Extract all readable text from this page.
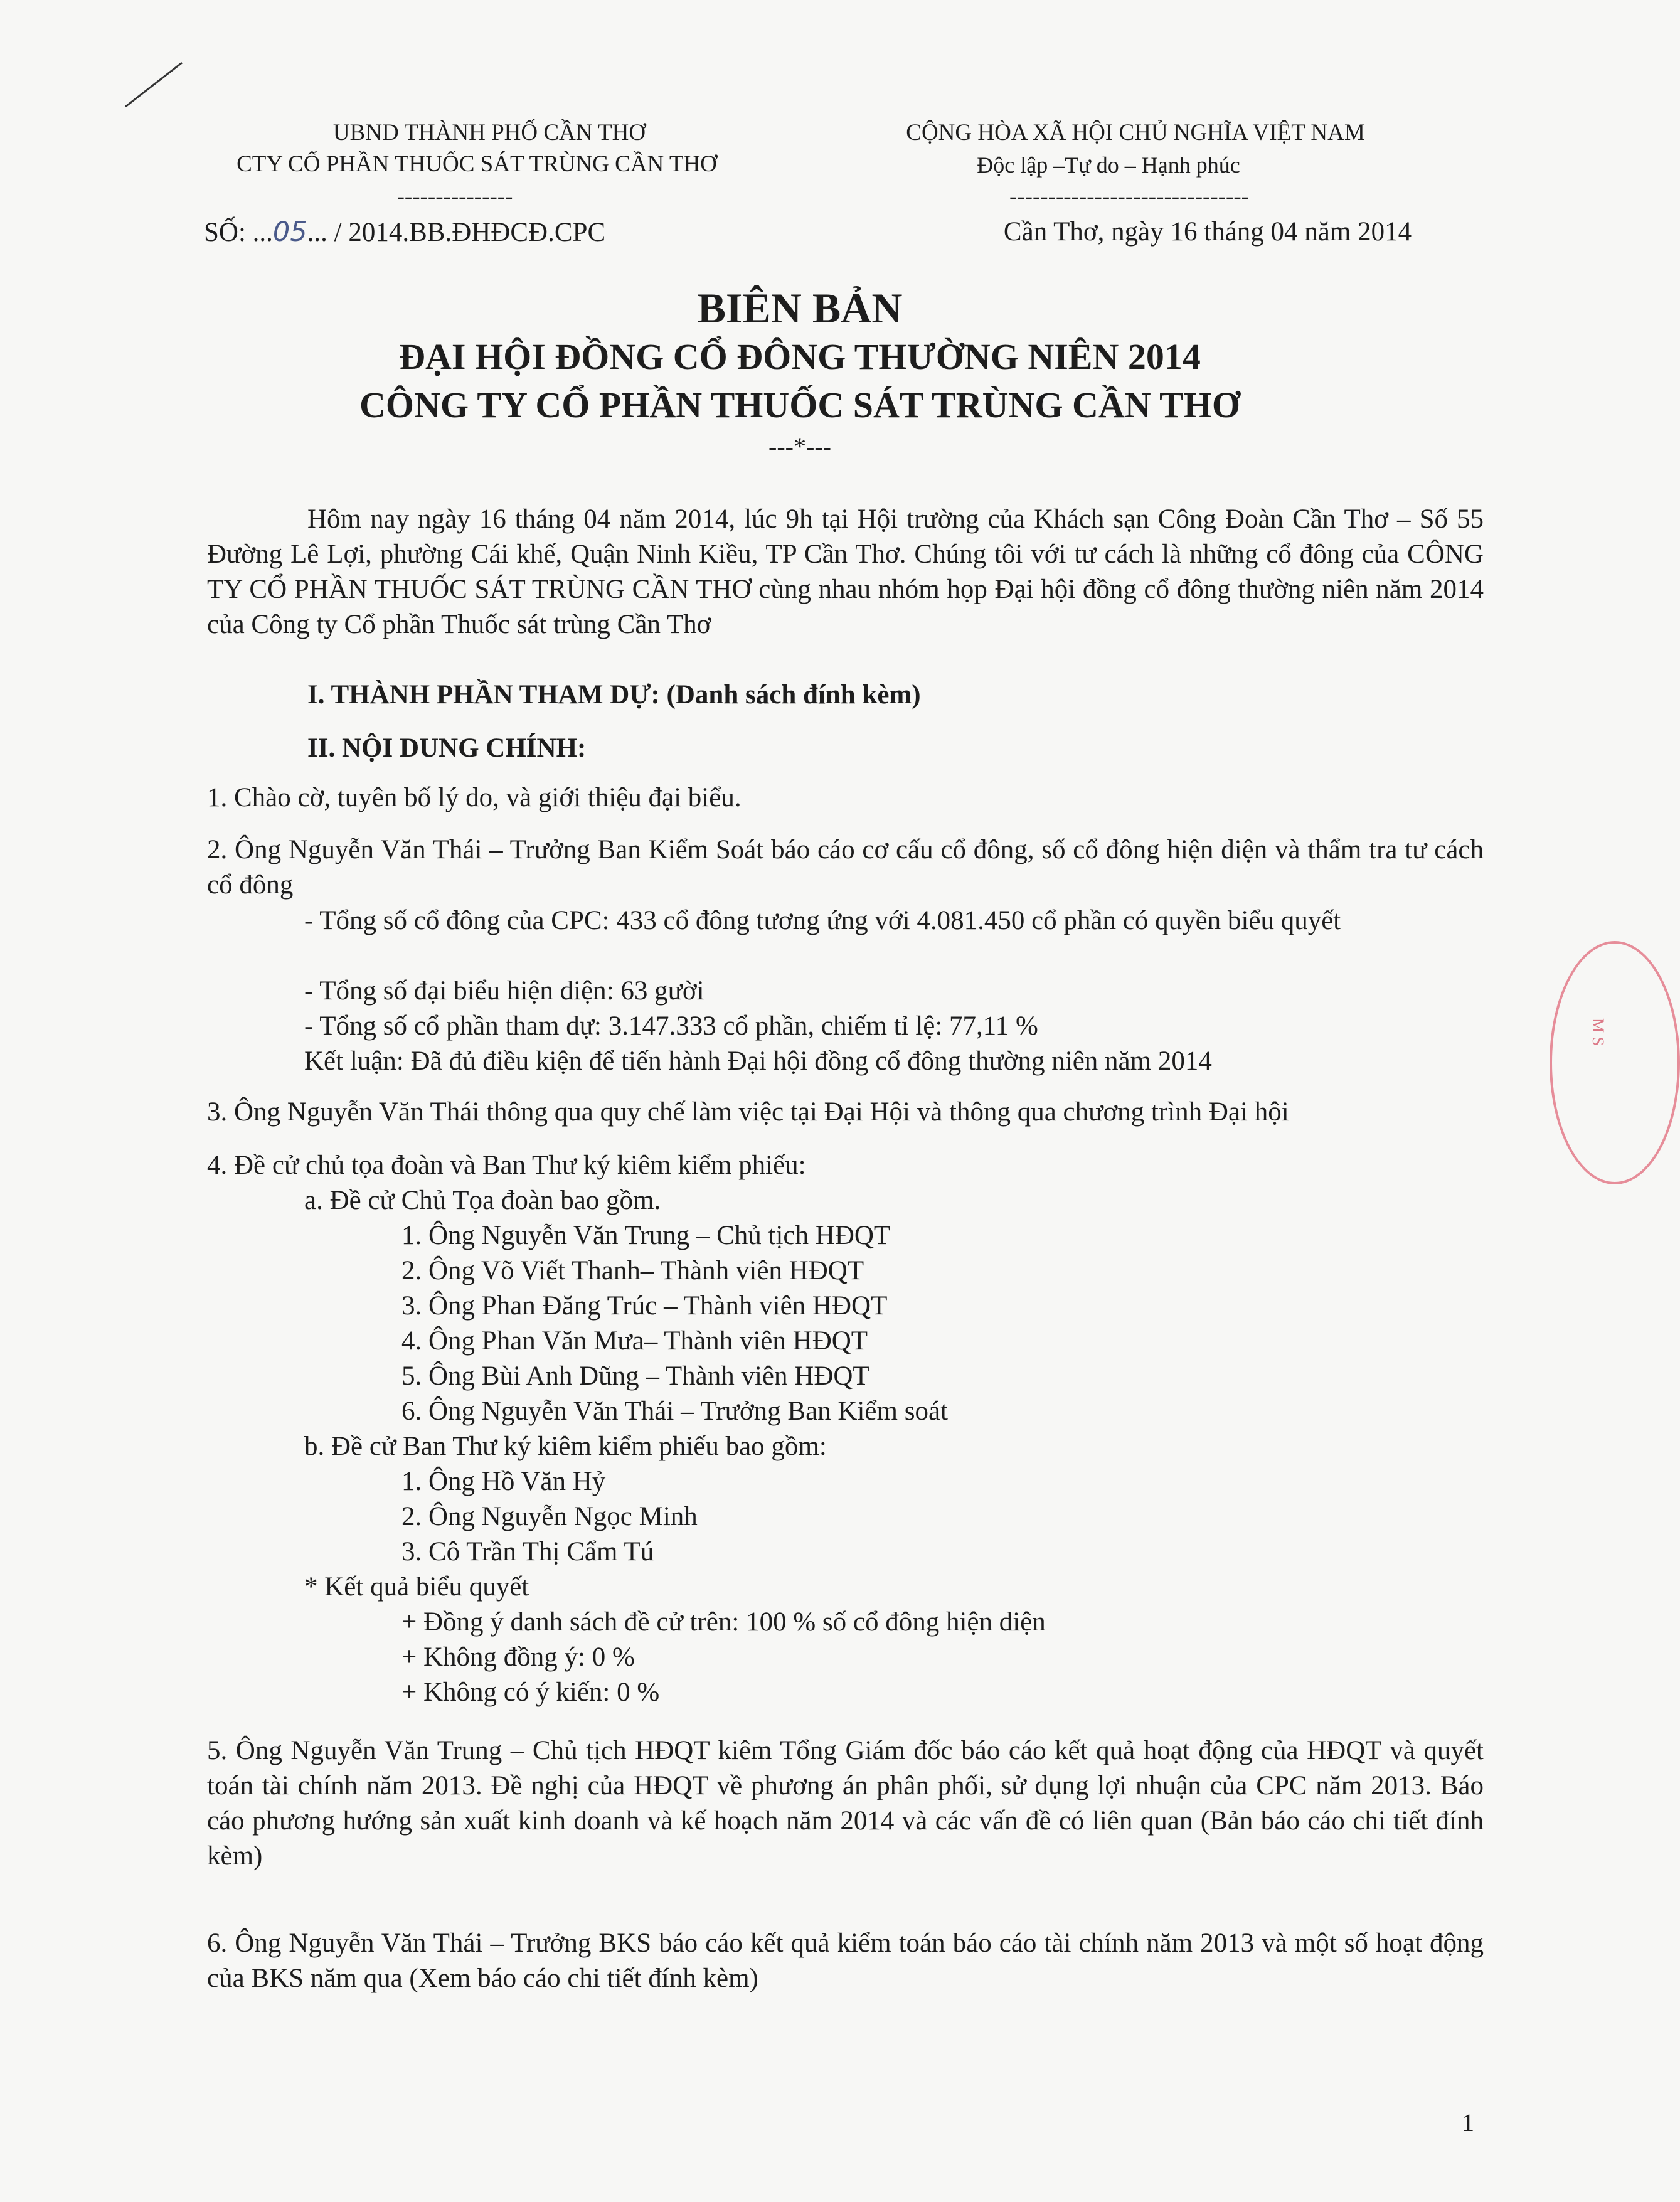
UBND THÀNH PHỐ CẦN THƠ
CTY CỔ PHẦN THUỐC SÁT TRÙNG CẦN THƠ
---------------
SỐ: ...05... / 2014.BB.ĐHĐCĐ.CPC
CỘNG HÒA XÃ HỘI CHỦ NGHĨA VIỆT NAM
Độc lập –Tự do – Hạnh phúc
-------------------------------
Cần Thơ, ngày 16 tháng 04 năm 2014
BIÊN BẢN
ĐẠI HỘI ĐỒNG CỔ ĐÔNG THƯỜNG NIÊN 2014
CÔNG TY CỔ PHẦN THUỐC SÁT TRÙNG CẦN THƠ
---*---
Hôm nay ngày 16 tháng 04 năm 2014, lúc 9h tại Hội trường của Khách sạn Công Đoàn Cần Thơ – Số 55 Đường Lê Lợi, phường Cái khế, Quận Ninh Kiều, TP Cần Thơ. Chúng tôi với tư cách là những cổ đông của CÔNG TY CỔ PHẦN THUỐC SÁT TRÙNG CẦN THƠ cùng nhau nhóm họp Đại hội đồng cổ đông thường niên năm 2014 của Công ty Cổ phần Thuốc sát trùng Cần Thơ
I. THÀNH PHẦN THAM DỰ: (Danh sách đính kèm)
II. NỘI DUNG CHÍNH:
1. Chào cờ, tuyên bố lý do, và giới thiệu đại biểu.
2. Ông Nguyễn Văn Thái – Trưởng Ban Kiểm Soát báo cáo cơ cấu cổ đông, số cổ đông hiện diện và thẩm tra tư cách cổ đông
- Tổng số cổ đông của CPC: 433 cổ đông tương ứng với 4.081.450 cổ phần có quyền biểu quyết
- Tổng số đại biểu hiện diện: 63 gười
- Tổng số cổ phần tham dự: 3.147.333 cổ phần, chiếm tỉ lệ: 77,11 %
Kết luận: Đã đủ điều kiện để tiến hành Đại hội đồng cổ đông thường niên năm 2014
3. Ông Nguyễn Văn Thái thông qua quy chế làm việc tại Đại Hội và thông qua chương trình Đại hội
4. Đề cử chủ tọa đoàn và Ban Thư ký kiêm kiểm phiếu:
a. Đề cử Chủ Tọa đoàn bao gồm.
1. Ông Nguyễn Văn Trung – Chủ tịch HĐQT
2. Ông Võ Viết Thanh– Thành viên HĐQT
3. Ông Phan Đăng Trúc – Thành viên HĐQT
4. Ông Phan Văn Mưa– Thành viên HĐQT
5. Ông Bùi Anh Dũng – Thành viên HĐQT
6. Ông Nguyễn Văn Thái – Trưởng Ban Kiểm soát
b. Đề cử Ban Thư ký kiêm kiểm phiếu bao gồm:
1. Ông Hồ Văn Hỷ
2. Ông Nguyễn Ngọc Minh
3. Cô Trần Thị Cẩm Tú
* Kết quả biểu quyết
+ Đồng ý danh sách đề cử trên: 100 % số cổ đông hiện diện
+ Không đồng ý: 0 %
+ Không có ý kiến: 0 %
5. Ông Nguyễn Văn Trung – Chủ tịch HĐQT kiêm Tổng Giám đốc báo cáo kết quả hoạt động của HĐQT và quyết toán tài chính năm 2013. Đề nghị của HĐQT về phương án phân phối, sử dụng lợi nhuận của CPC năm 2013. Báo cáo phương hướng sản xuất kinh doanh và kế hoạch năm 2014 và các vấn đề có liên quan (Bản báo cáo chi tiết đính kèm)
6. Ông Nguyễn Văn Thái – Trưởng BKS báo cáo kết quả kiểm toán báo cáo tài chính năm 2013 và một số hoạt động của BKS năm qua (Xem báo cáo chi tiết đính kèm)
1
M S
